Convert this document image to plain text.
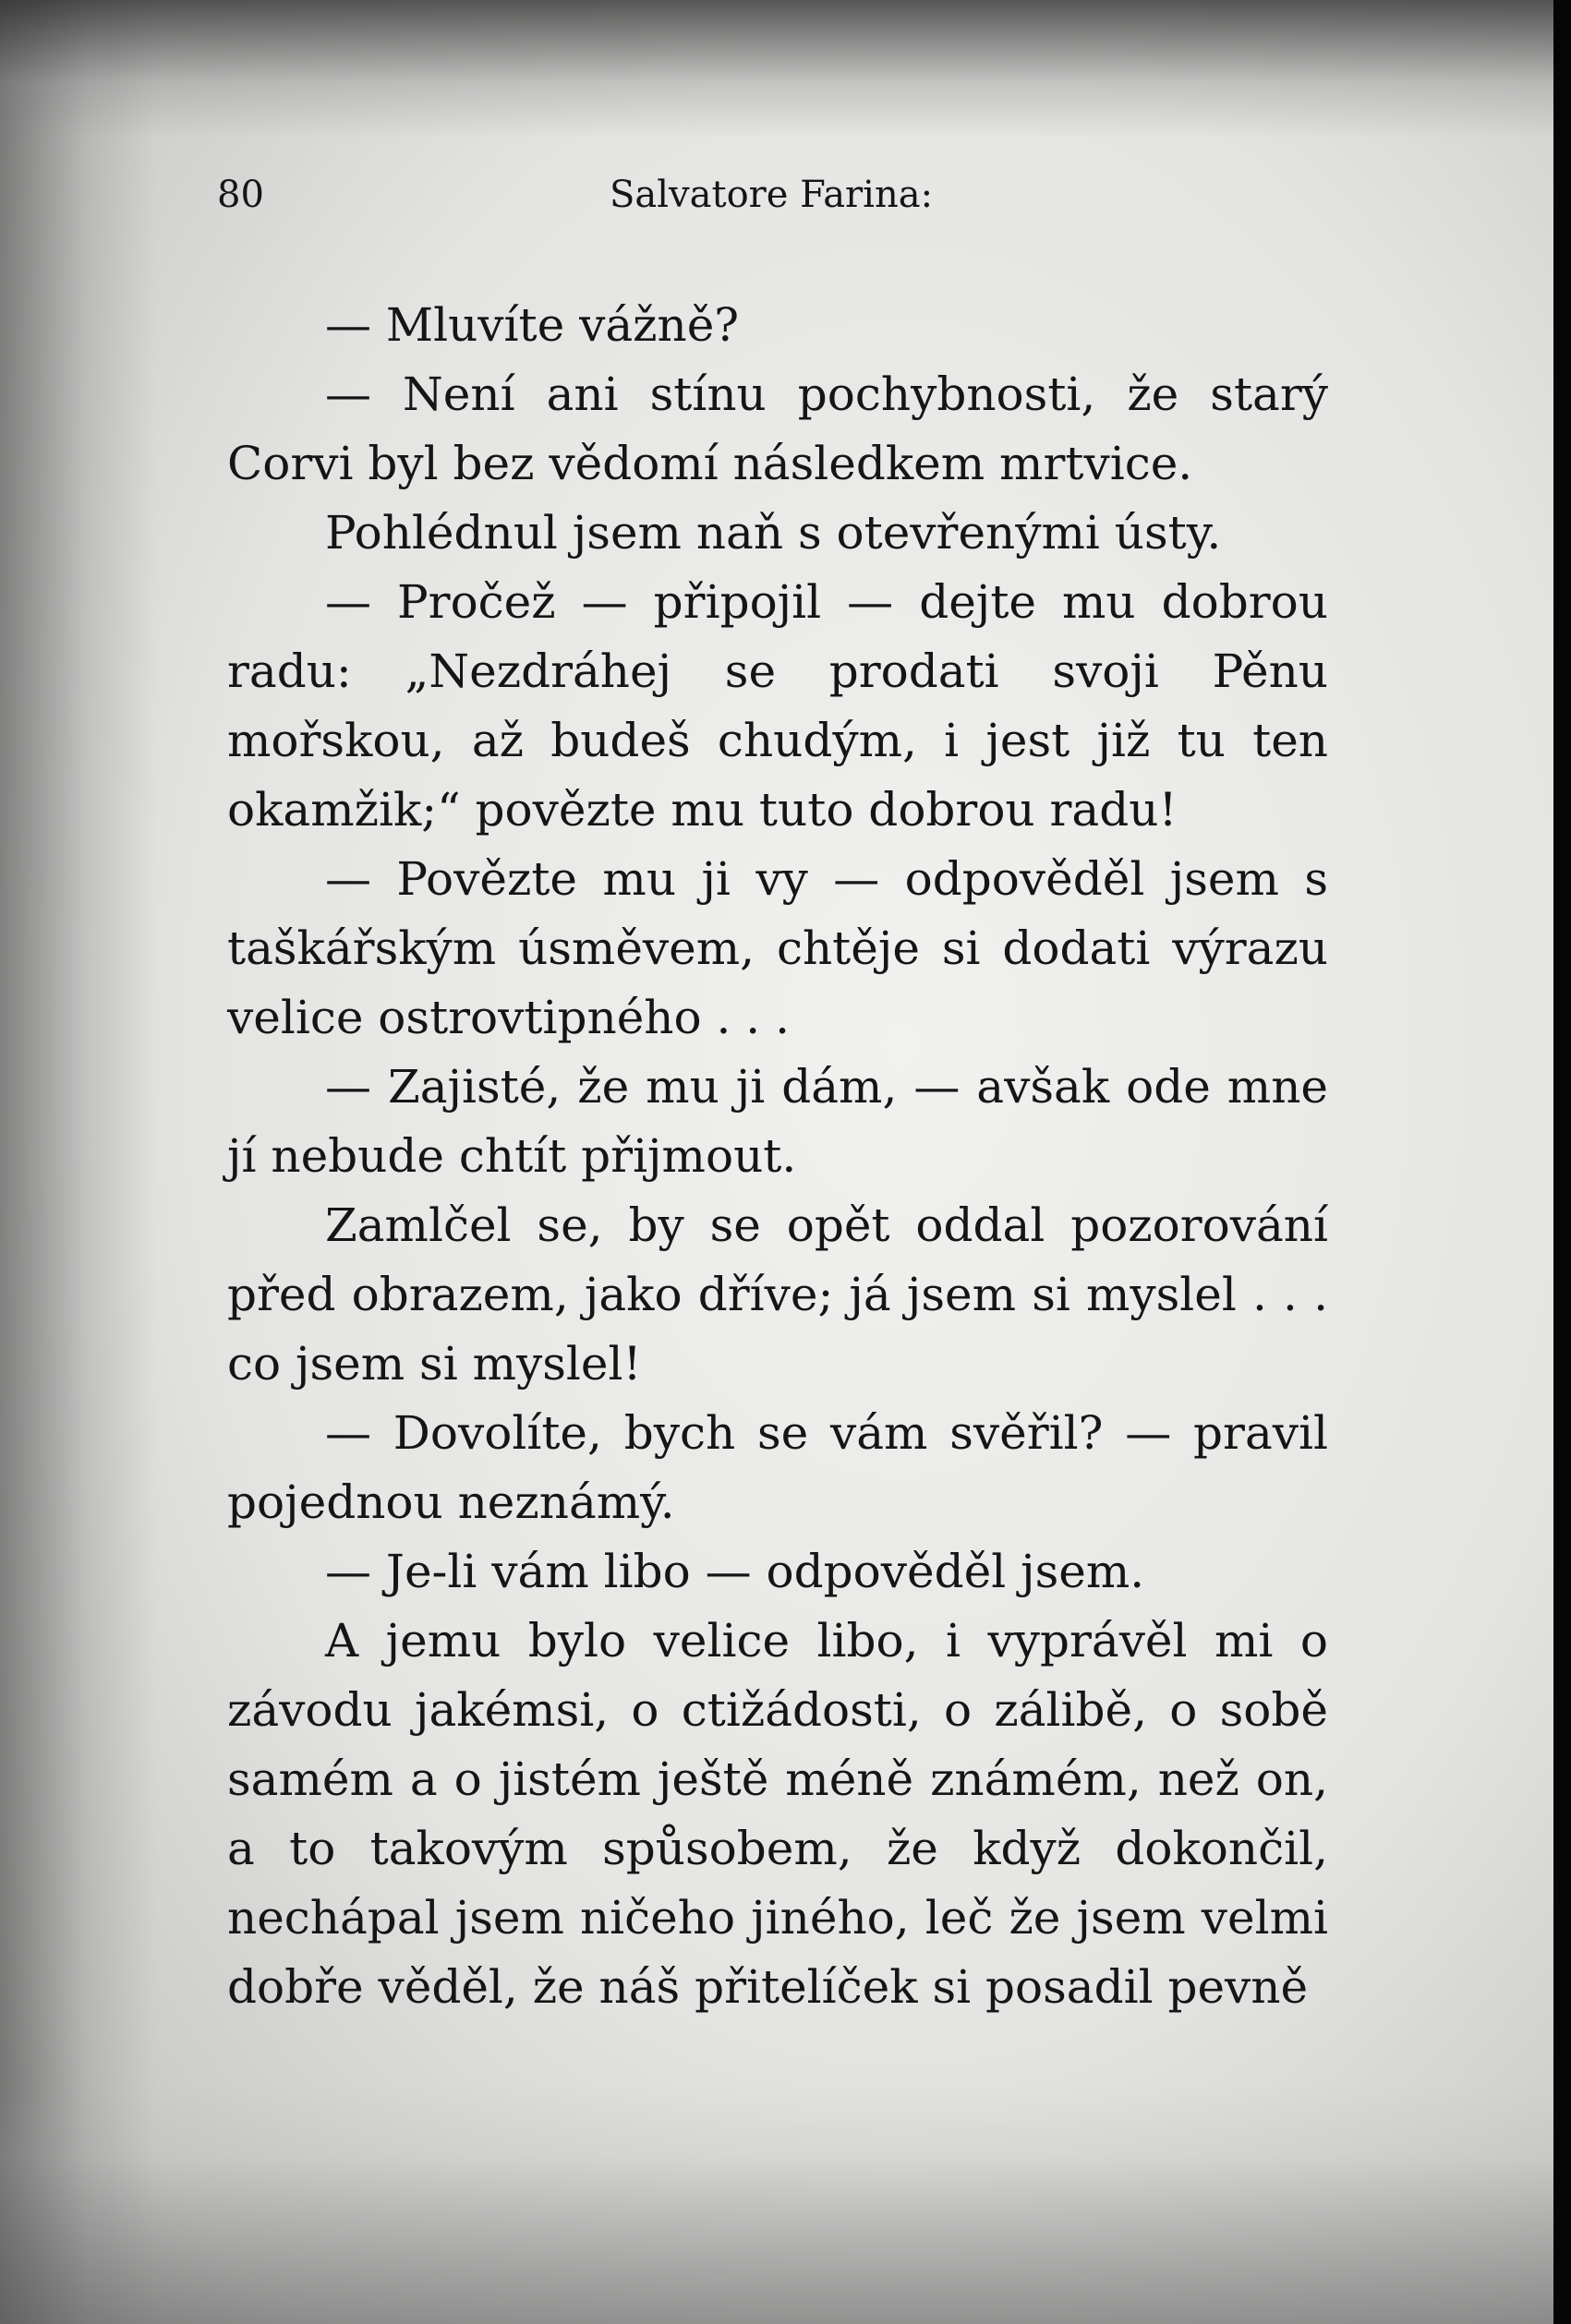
80	Salvatore Farina:

— Mluvíte vážně?

— Není ani stínu pochybnosti, že starý Corvi byl bez vědomí následkem mrtvice.

Pohlédnul jsem naň s otevřenými ústy.

— Pročež — připojil — dejte mu dobrou radu: „Nezdráhej se prodati svoji Pěnu mořskou, až budeš chudým, i jest již tu ten okamžik;“ povězte mu tuto dobrou radu!

— Povězte mu ji vy — odpověděl jsem s taškářským úsměvem, chtěje si dodati výrazu velice ostrovtipného . . .

— Zajisté, že mu ji dám, — avšak ode mne jí nebude chtít přijmout.

Zamlčel se, by se opět oddal pozorování před obrazem, jako dříve; já jsem si myslel . . . co jsem si myslel!

— Dovolíte, bych se vám svěřil? — pravil pojednou neznámý.

— Je-li vám libo — odpověděl jsem.

A jemu bylo velice libo, i vyprávěl mi o závodu jakémsi, o ctižádosti, o zálibě, o sobě samém a o jistém ještě méně známém, než on, a to takovým spůsobem, že když dokončil, nechápal jsem ničeho jiného, leč že jsem velmi dobře věděl, že náš přitelíček si posadil pevně
